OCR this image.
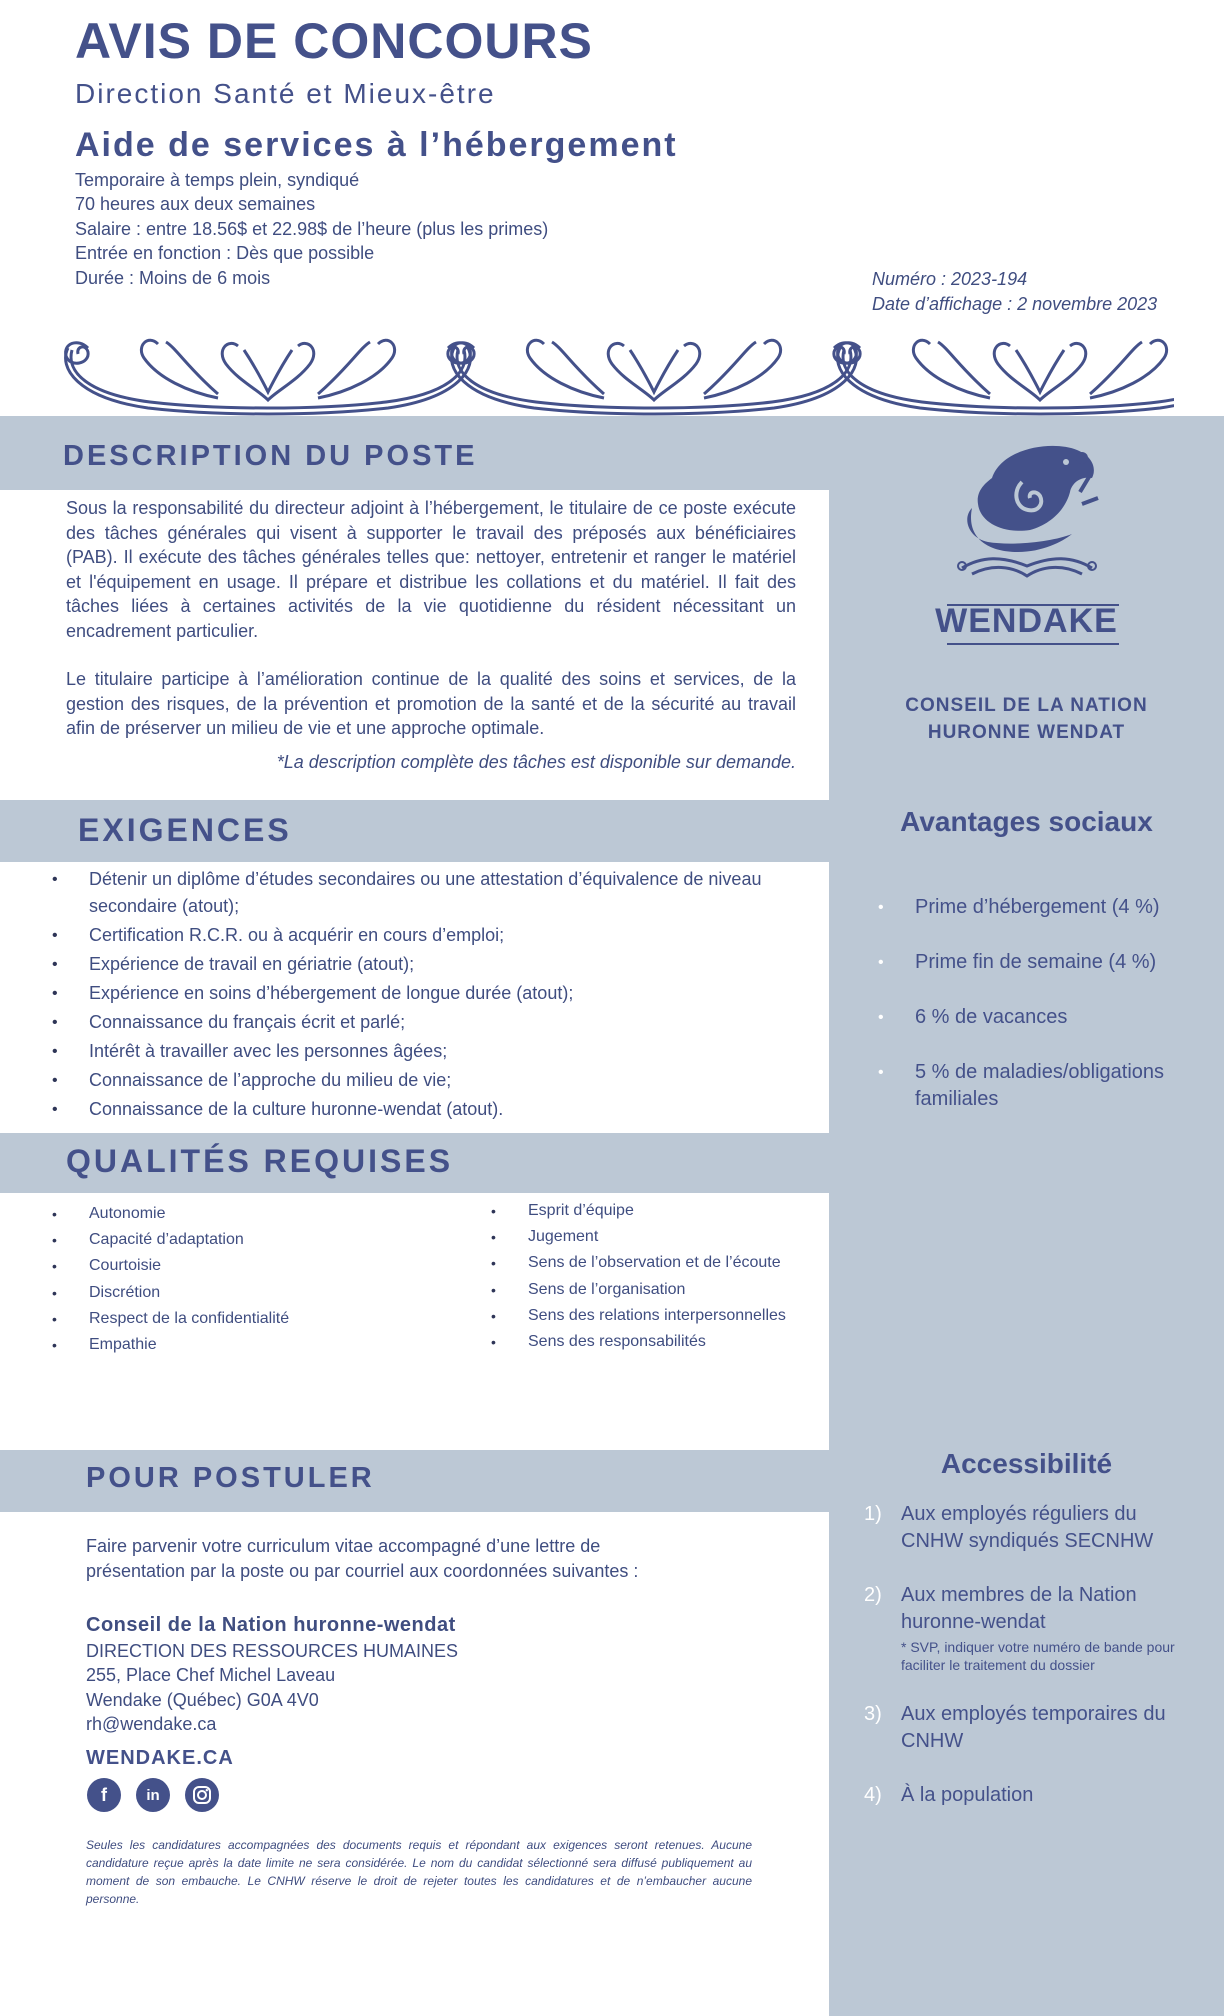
AVIS DE CONCOURS
Direction Santé et Mieux-être
Aide de services à l’hébergement
Temporaire à temps plein, syndiqué
70 heures aux deux semaines
Salaire : entre 18.56$ et 22.98$ de l’heure (plus les primes)
Entrée en fonction : Dès que possible
Durée : Moins de 6 mois	Numéro : 2023-194
Date d’affichage : 2 novembre 2023
DESCRIPTION DU POSTE
Sous la responsabilité du directeur adjoint à l’hébergement, le titulaire de ce poste exécute des tâches générales qui visent à supporter le travail des préposés aux bénéficiaires (PAB). Il exécute des tâches générales telles que: nettoyer, entretenir et ranger le matériel et l'équipement en usage. Il prépare et distribue les collations et du matériel. Il fait des tâches liées à certaines activités de la vie quotidienne du résident nécessitant un encadrement particulier.
Le titulaire participe à l’amélioration continue de la qualité des soins et services, de la gestion des risques, de la prévention et promotion de la santé et de la sécurité au travail afin de préserver un milieu de vie et une approche optimale.
*La description complète des tâches est disponible sur demande.
EXIGENCES
• Détenir un diplôme d’études secondaires ou une attestation d’équivalence de niveau secondaire (atout);
• Certification R.C.R. ou à acquérir en cours d’emploi;
• Expérience de travail en gériatrie (atout);
• Expérience en soins d’hébergement de longue durée (atout);
• Connaissance du français écrit et parlé;
• Intérêt à travailler avec les personnes âgées;
• Connaissance de l’approche du milieu de vie;
• Connaissance de la culture huronne-wendat (atout).
QUALITÉS REQUISES
• Autonomie
• Capacité d’adaptation
• Courtoisie
• Discrétion
• Respect de la confidentialité
• Empathie
• Esprit d’équipe
• Jugement
• Sens de l’observation et de l’écoute
• Sens de l’organisation
• Sens des relations interpersonnelles
• Sens des responsabilités
POUR POSTULER
Faire parvenir votre curriculum vitae accompagné d’une lettre de présentation par la poste ou par courriel aux coordonnées suivantes :
Conseil de la Nation huronne-wendat
DIRECTION DES RESSOURCES HUMAINES
255, Place Chef Michel Laveau
Wendake (Québec) G0A 4V0
rh@wendake.ca
WENDAKE.CA
f	in
Seules les candidatures accompagnées des documents requis et répondant aux exigences seront retenues. Aucune candidature reçue après la date limite ne sera considérée. Le nom du candidat sélectionné sera diffusé publiquement au moment de son embauche. Le CNHW réserve le droit de rejeter toutes les candidatures et de n’embaucher aucune personne.
WENDAKE
CONSEIL DE LA NATION
HURONNE WENDAT
Avantages sociaux
• Prime d’hébergement (4 %)
• Prime fin de semaine (4 %)
• 6 % de vacances
• 5 % de maladies/obligations familiales
Accessibilité
1) Aux employés réguliers du CNHW syndiqués SECNHW
2) Aux membres de la Nation huronne-wendat
* SVP, indiquer votre numéro de bande pour faciliter le traitement du dossier
3) Aux employés temporaires du CNHW
4) À la population
